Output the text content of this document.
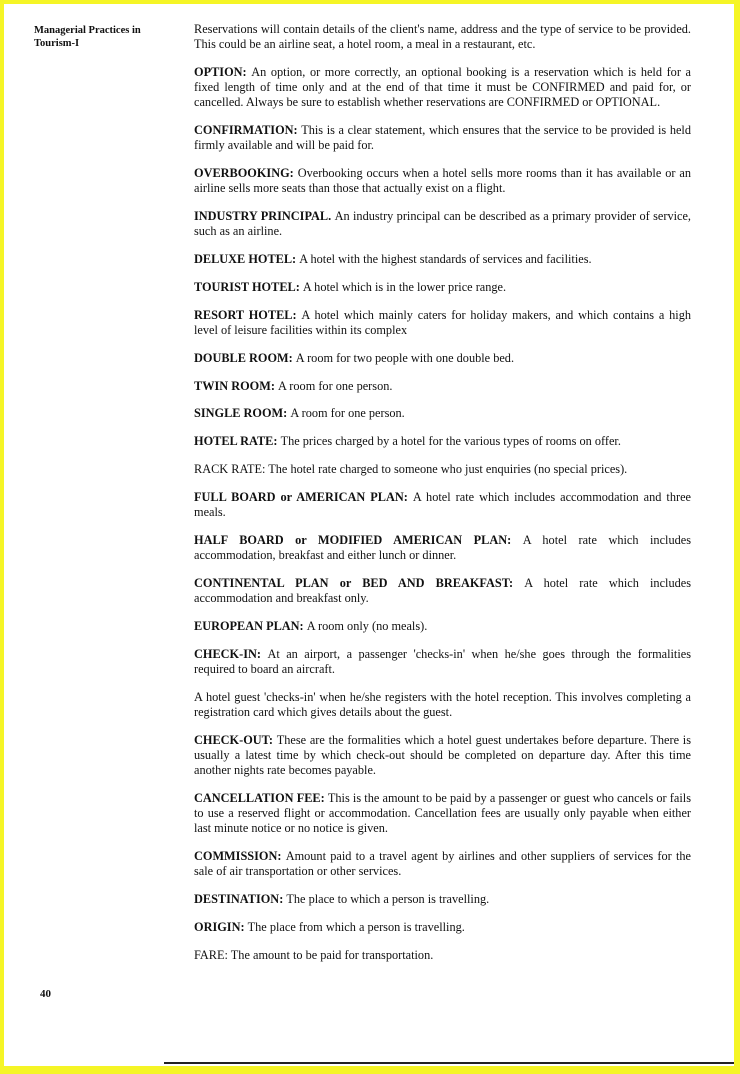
Managerial Practices in Tourism-I

Reservations will contain details of the client's name, address and the type of service to be provided. This could be an airline seat, a hotel room, a meal in a restaurant, etc.

OPTION: An option, or more correctly, an optional booking is a reservation which is held for a fixed length of time only and at the end of that time it must be CONFIRMED and paid for, or cancelled. Always be sure to establish whether reservations are CONFIRMED or OPTIONAL.

CONFIRMATION: This is a clear statement, which ensures that the service to be provided is held firmly available and will be paid for.

OVERBOOKING: Overbooking occurs when a hotel sells more rooms than it has available or an airline sells more seats than those that actually exist on a flight.

INDUSTRY PRINCIPAL. An industry principal can be described as a primary provider of service, such as an airline.

DELUXE HOTEL: A hotel with the highest standards of services and facilities.

TOURIST HOTEL: A hotel which is in the lower price range.

RESORT HOTEL: A hotel which mainly caters for holiday makers, and which contains a high level of leisure facilities within its complex

DOUBLE ROOM: A room for two people with one double bed.

TWIN ROOM: A room for one person.

SINGLE ROOM: A room for one person.

HOTEL RATE: The prices charged by a hotel for the various types of rooms on offer.

RACK RATE: The hotel rate charged to someone who just enquiries (no special prices).

FULL BOARD or AMERICAN PLAN: A hotel rate which includes accommodation and three meals.

HALF BOARD or MODIFIED AMERICAN PLAN: A hotel rate which includes accommodation, breakfast and either lunch or dinner.

CONTINENTAL PLAN or BED AND BREAKFAST: A hotel rate which includes accommodation and breakfast only.

EUROPEAN PLAN: A room only (no meals).

CHECK-IN: At an airport, a passenger 'checks-in' when he/she goes through the formalities required to board an aircraft.

A hotel guest 'checks-in' when he/she registers with the hotel reception. This involves completing a registration card which gives details about the guest.

CHECK-OUT: These are the formalities which a hotel guest undertakes before departure. There is usually a latest time by which check-out should be completed on departure day. After this time another nights rate becomes payable.

CANCELLATION FEE: This is the amount to be paid by a passenger or guest who cancels or fails to use a reserved flight or accommodation. Cancellation fees are usually only payable when either last minute notice or no notice is given.

COMMISSION: Amount paid to a travel agent by airlines and other suppliers of services for the sale of air transportation or other services.

DESTINATION: The place to which a person is travelling.

ORIGIN: The place from which a person is travelling.

FARE: The amount to be paid for transportation.

40
